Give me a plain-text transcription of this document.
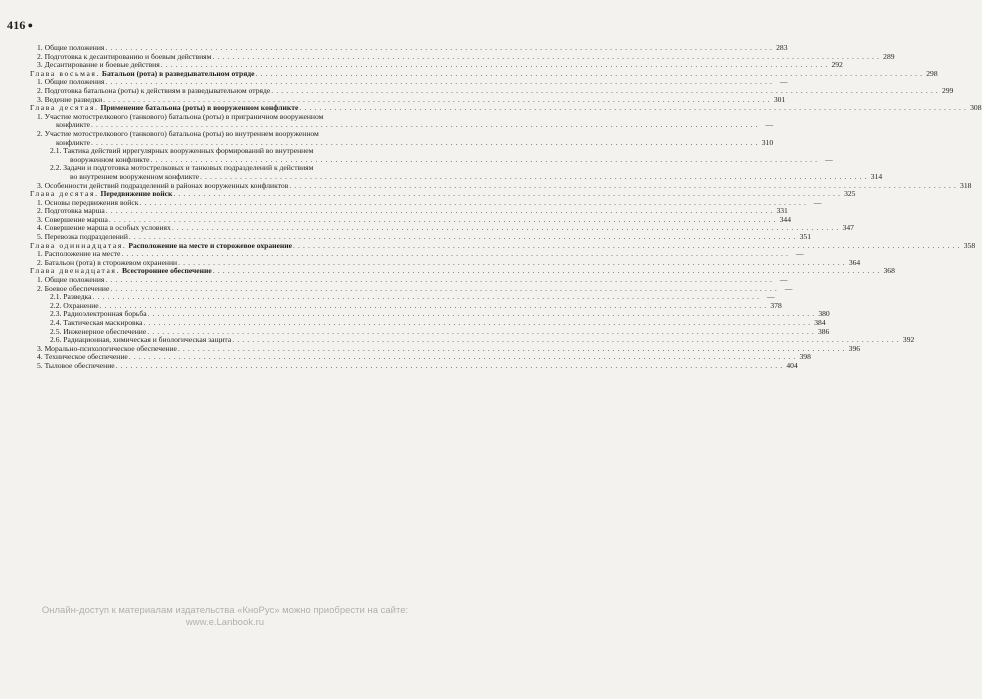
416 ●
1. Общие положения . . .	283
2. Подготовка к десантированию и боевым действиям . . .	289
3. Десантирование и боевые действия . . .	292
Глава восьмая.
Батальон (рота) в разведывательном отряде . . .	298
1. Общие положения . . .	—
2. Подготовка батальона (роты) к действиям в разведывательном отряде . . .	299
3. Ведение разведки . . .	301
Глава десятая.
Применение батальона (роты) в вооруженном конфликте . . .	308
1. Участие мотострелкового (танкового) батальона (роты) в приграничном вооруженном
конфликте . . .	—
2. Участие мотострелкового (танкового) батальона (роты) во внутреннем вооруженном
конфликте . . .	310
2.1. Тактика действий иррегулярных вооруженных формирований во внутреннем
вооруженном конфликте . . .	—
2.2. Задачи и подготовка мотострелковых и танковых подразделений к действиям
во внутреннем вооруженном конфликте . . .	314
3. Особенности действий подразделений в районах вооруженных конфликтов . . .	318
Глава десятая.
Передвижение войск . . .	325
1. Основы передвижения войск . . .	—
2. Подготовка марша . . .	331
3. Совершение марша . . .	344
4. Совершение марша в особых условиях . . .	347
5. Перевозка подразделений . . .	351
Глава одиннадцатая.
Расположение на месте и сторожевое охранение . . .	358
1. Расположение на месте . . .	—
2. Батальон (рота) в сторожевом охранении . . .	364
Глава двенадцатая.
Всестороннее обеспечение . . .	368
1. Общие положения . . .	—
2. Боевое обеспечение . . .	—
2.1. Разведка . . .	—
2.2. Охранение . . .	378
2.3. Радиоэлектронная борьба . . .	380
2.4. Тактическая маскировка . . .	384
2.5. Инженерное обеспечение . . .	386
2.6. Радиационная, химическая и биологическая защита . . .	392
3. Морально-психологическое обеспечение . . .	396
4. Техническое обеспечение . . .	398
5. Тыловое обеспечение . . .	404
Онлайн-доступ к материалам издательства «КноРус» можно приобрести на сайте:
www.e.Lanbook.ru
